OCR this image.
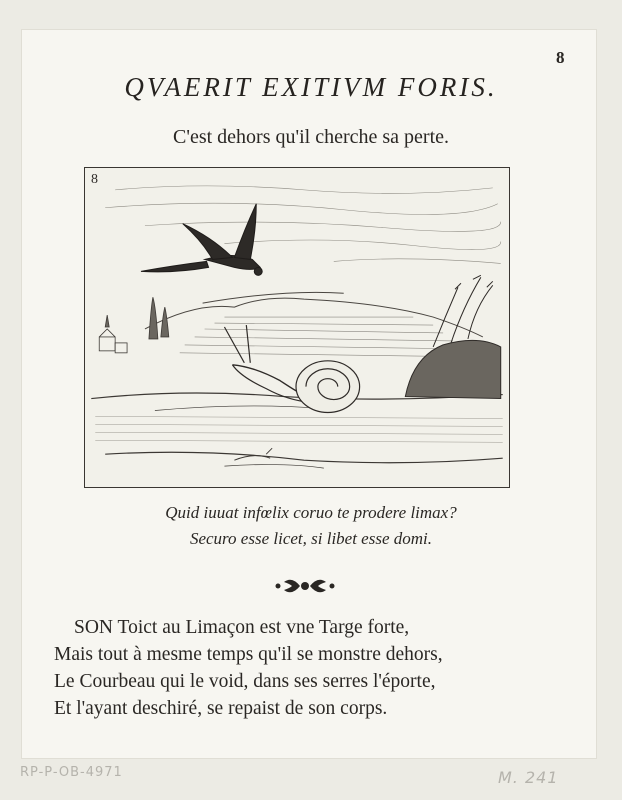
8
QVAERIT EXITIVM FORIS.
C'est dehors qu'il cherche sa perte.
8
Quid iuuat infœlix coruo te prodere limax?
Securo esse licet, si libet esse domi.
SON Toict au Limaçon est vne Targe forte,
Mais tout à mesme temps qu'il se monstre dehors,
Le Courbeau qui le void, dans ses serres l'éporte,
Et l'ayant deschiré, se repaist de son corps.
RP-P-OB-4971	M. 241
